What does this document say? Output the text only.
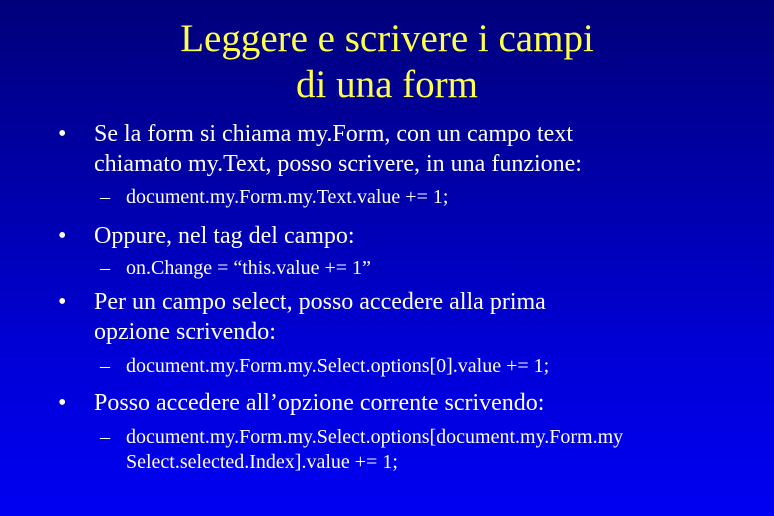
Leggere e scrivere i campi
di una form
• Se la form si chiama my.Form, con un campo text
chiamato my.Text, posso scrivere, in una funzione:
– document.my.Form.my.Text.value += 1;
• Oppure, nel tag del campo:
– on.Change = “this.value += 1”
• Per un campo select, posso accedere alla prima
opzione scrivendo:
– document.my.Form.my.Select.options[0].value += 1;
• Posso accedere all’opzione corrente scrivendo:
– document.my.Form.my.Select.options[document.my.Form.my
Select.selected.Index].value += 1;
